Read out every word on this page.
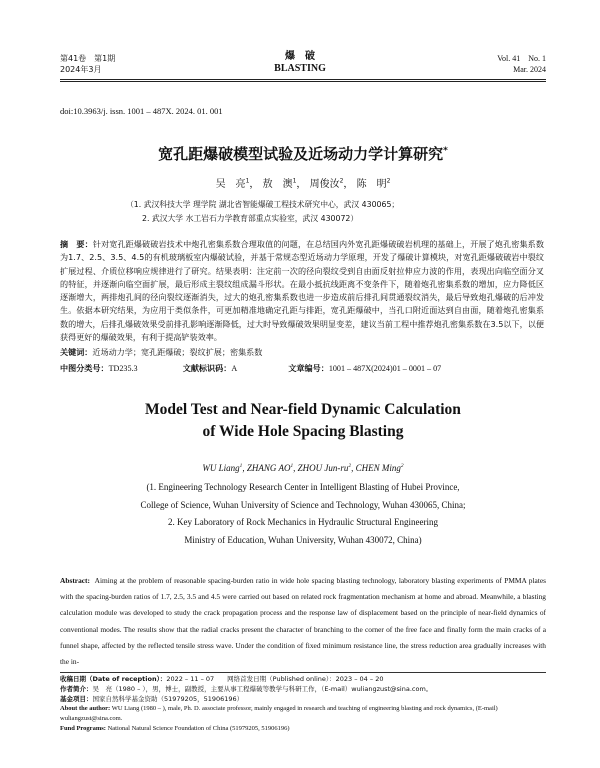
第41卷　第1期
2024年3月
爆　破
BLASTING
Vol. 41　No. 1
Mar. 2024
doi:10.3963/j. issn. 1001 – 487X. 2024. 01. 001
宽孔距爆破模型试验及近场动力学计算研究*
吴　亮$^1$， 敖　澳$^1$， 周俊汝$^2$， 陈　明$^2$
（1. 武汉科技大学 理学院 湖北省智能爆破工程技术研究中心，武汉 430065；
2. 武汉大学 水工岩石力学教育部重点实验室，武汉 430072）
摘　要：针对宽孔距爆破破岩技术中炮孔密集系数合理取值的问题，在总结国内外宽孔距爆破破岩机理的基础上，开展了炮孔密集系数为1.7、2.5、3.5、4.5的有机玻璃板室内爆破试验，并基于常规态型近场动力学原理，开发了爆破计算模块，对宽孔距爆破破岩中裂纹扩展过程、介质位移响应规律进行了研究。结果表明：注定前一次的径向裂纹受到自由面反射拉伸应力波的作用，表现出向临空面分叉的特征，并逐渐向临空面扩展，最后形成主裂纹组成漏斗形状。在最小抵抗线距离不变条件下，随着炮孔密集系数的增加，应力降低区逐渐增大，两排炮孔间的径向裂纹逐渐消失，过大的炮孔密集系数也进一步造成前后排孔间贯通裂纹消失，最后导致炮孔爆破的后冲发生。依据本研究结果，为应用于类似条件，可更加精准地确定孔距与排距，宽孔距爆破中，当孔口附近面达到自由面，随着炮孔密集系数的增大，后排孔爆破效果受前排孔影响逐渐降低，过大时导致爆破效果明显变差，建议当前工程中推荐炮孔密集系数在3.5以下，以便获得更好的爆破效果，有利于提高铲装效率。
关键词：近场动力学；宽孔距爆破；裂纹扩展；密集系数
中图分类号：TD235.3	文献标识码：A	文章编号：1001 – 487X(2024)01 – 0001 – 07
Model Test and Near-field Dynamic Calculation
of Wide Hole Spacing Blasting
WU Liang$^1$, ZHANG $AO^1$, ZHOU Jun-$ru^2$, CHEN Ming$^2$
(1. Engineering Technology Research Center in Intelligent Blasting of Hubei Province,
College of Science, Wuhan University of Science and Technology, Wuhan 430065, China;
2. Key Laboratory of Rock Mechanics in Hydraulic Structural Engineering
Ministry of Education, Wuhan University, Wuhan 430072, China)
Abstract: Aiming at the problem of reasonable spacing-burden ratio in wide hole spacing blasting technology, laboratory blasting experiments of PMMA plates with the spacing-burden ratios of 1.7, 2.5, 3.5 and 4.5 were carried out based on related rock fragmentation mechanism at home and abroad. Meanwhile, a blasting calculation module was developed to study the crack propagation process and the response law of displacement based on the principle of near-field dynamics of conventional modes. The results show that the radial cracks present the character of branching to the corner of the free face and finally form the main cracks of a funnel shape, affected by the reflected tensile stress wave. Under the condition of fixed minimum resistance line, the stress reduction area gradually increases with the in-
收稿日期（Date of reception）：2022 – 11 – 07　　网络首发日期（Published online）：2023 – 04 – 20
作者简介：吴　亮（1980 – ），男，博士，副教授，主要从事工程爆破等教学与科研工作，（E-mail）wuliangzust@sina.com。
基金项目：国家自然科学基金资助（51979205，51906196）
About the author: WU Liang (1980 – ), male, Ph. D. associate professor, mainly engaged in research and teaching of engineering blasting and rock dynamics, (E-mail) wuliangzust@sina.com.
Fund Programs: National Natural Science Foundation of China (51979205, 51906196)
